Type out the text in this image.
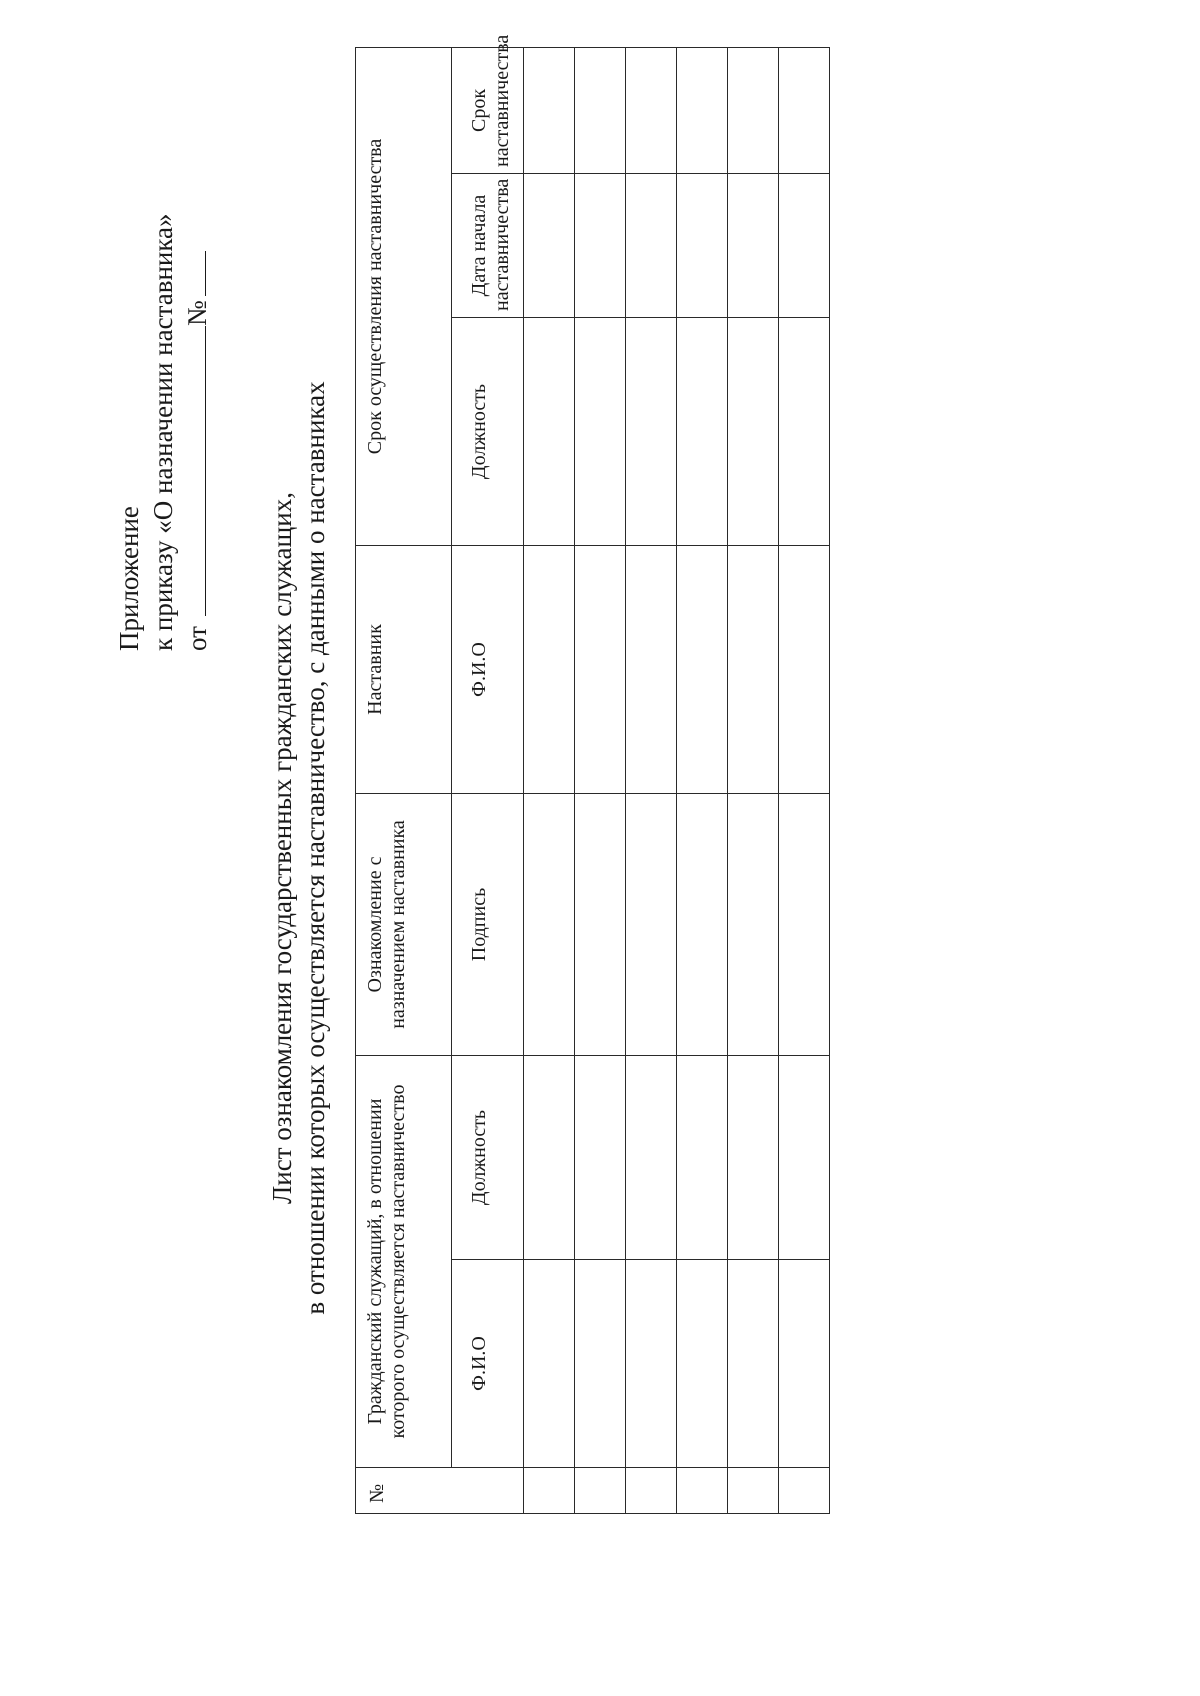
Приложение к приказу «О назначении наставника» от№
Лист ознакомления государственных гражданских служащих, в отношении которых осуществляется наставничество, с данными о наставниках
№	Гражданский служащий, в отношении которого осуществляется наставничество		Ознакомление с назначением наставника	Наставник	Срок осуществления наставничества		
	Ф.И.О	Должность	Подпись	Ф.И.О	Должность	Дата начала наставничества	Срок наставничества
